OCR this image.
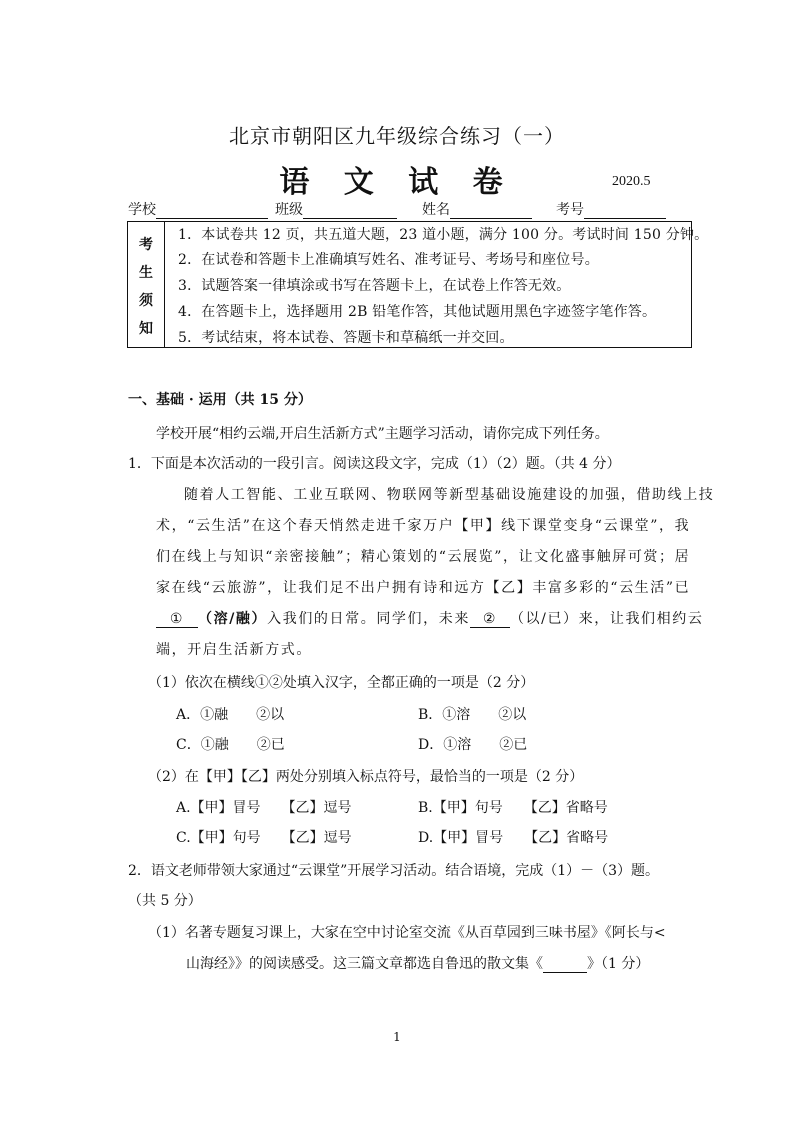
北京市朝阳区九年级综合练习（一）
语 文 试 卷	2020.5
学校	班级	姓名	考号
考
生
须
知
1．本试卷共 12 页，共五道大题，23 道小题，满分 100 分。考试时间 150 分钟。
2．在试卷和答题卡上准确填写姓名、准考证号、考场号和座位号。
3．试题答案一律填涂或书写在答题卡上，在试卷上作答无效。
4．在答题卡上，选择题用 2B 铅笔作答，其他试题用黑色字迹签字笔作答。
5．考试结束，将本试卷、答题卡和草稿纸一并交回。
一、基础 · 运用（共 15 分）
学校开展“相约云端,开启生活新方式”主题学习活动，请你完成下列任务。
1．下面是本次活动的一段引言。阅读这段文字，完成（1）（2）题。（共 4 分）
随着人工智能、工业互联网、物联网等新型基础设施建设的加强，借助线上技
术，“云生活”在这个春天悄然走进千家万户【甲】线下课堂变身“云课堂”，我
们在线上与知识“亲密接触”；精心策划的“云展览”，让文化盛事触屏可赏；居
家在线“云旅游”，让我们足不出户拥有诗和远方【乙】丰富多彩的“云生活”已
① （溶/融）入我们的日常。同学们，未来 ② （以/已）来，让我们相约云
端，开启生活新方式。
（1）依次在横线①②处填入汉字，全都正确的一项是（2 分）
A．①融　　②以	B．①溶　　②以
C．①融　　②已	D．①溶　　②已
（2）在【甲】【乙】两处分别填入标点符号，最恰当的一项是（2 分）
A.【甲】冒号　　【乙】逗号	B.【甲】句号　　【乙】省略号
C.【甲】句号　　【乙】逗号	D.【甲】冒号　　【乙】省略号
2．语文老师带领大家通过“云课堂”开展学习活动。结合语境，完成（1）－（3）题。
（共 5 分）
（1）名著专题复习课上，大家在空中讨论室交流《从百草园到三味书屋》《阿长与<
山海经》》的阅读感受。这三篇文章都选自鲁迅的散文集《	》（1 分）
1
